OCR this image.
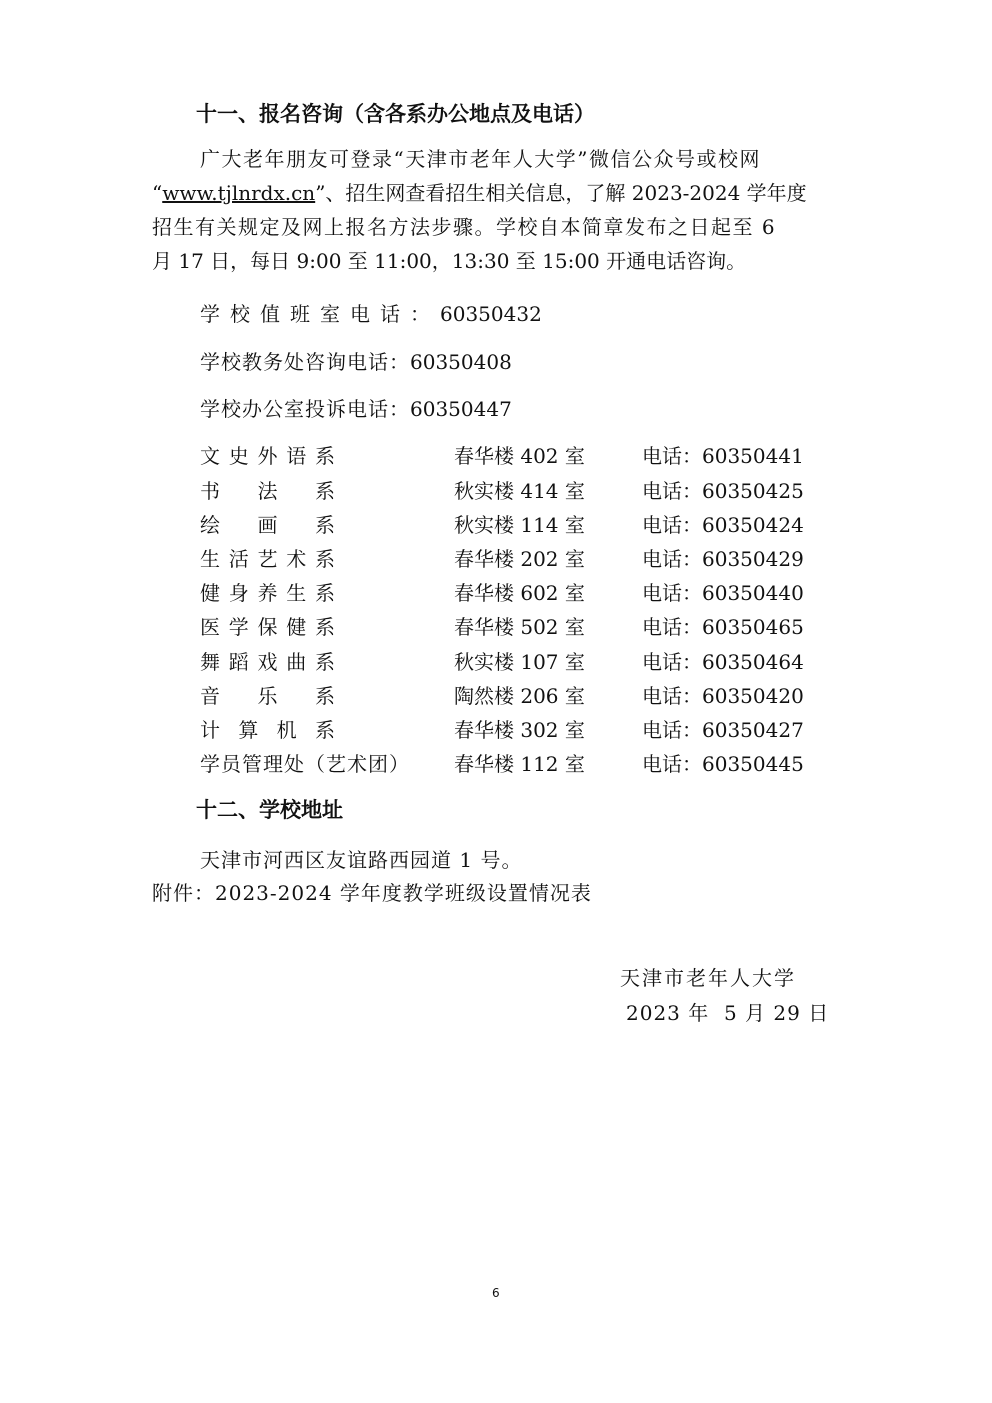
十一、报名咨询（含各系办公地点及电话）
广大老年朋友可登录“天津市老年人大学”微信公众号或校网
“www.tjlnrdx.cn”、招生网查看招生相关信息，了解 2023-2024 学年度
招生有关规定及网上报名方法步骤。学校自本简章发布之日起至 6
月 17 日，每日 9:00 至 11:00，13:30 至 15:00 开通电话咨询。
学校值班室电话：60350432
学校教务处咨询电话：60350408
学校办公室投诉电话：60350447
文史外语系	春华楼 402 室	电话：60350441
书法系	秋实楼 414 室	电话：60350425
绘画系	秋实楼 114 室	电话：60350424
生活艺术系	春华楼 202 室	电话：60350429
健身养生系	春华楼 602 室	电话：60350440
医学保健系	春华楼 502 室	电话：60350465
舞蹈戏曲系	秋实楼 107 室	电话：60350464
音乐系	陶然楼 206 室	电话：60350420
计算机系	春华楼 302 室	电话：60350427
学员管理处（艺术团） 春华楼 112 室	电话：60350445
十二、学校地址
天津市河西区友谊路西园道 1 号。
附件：2023-2024 学年度教学班级设置情况表
天津市老年人大学
2023 年  5 月 29 日
6
